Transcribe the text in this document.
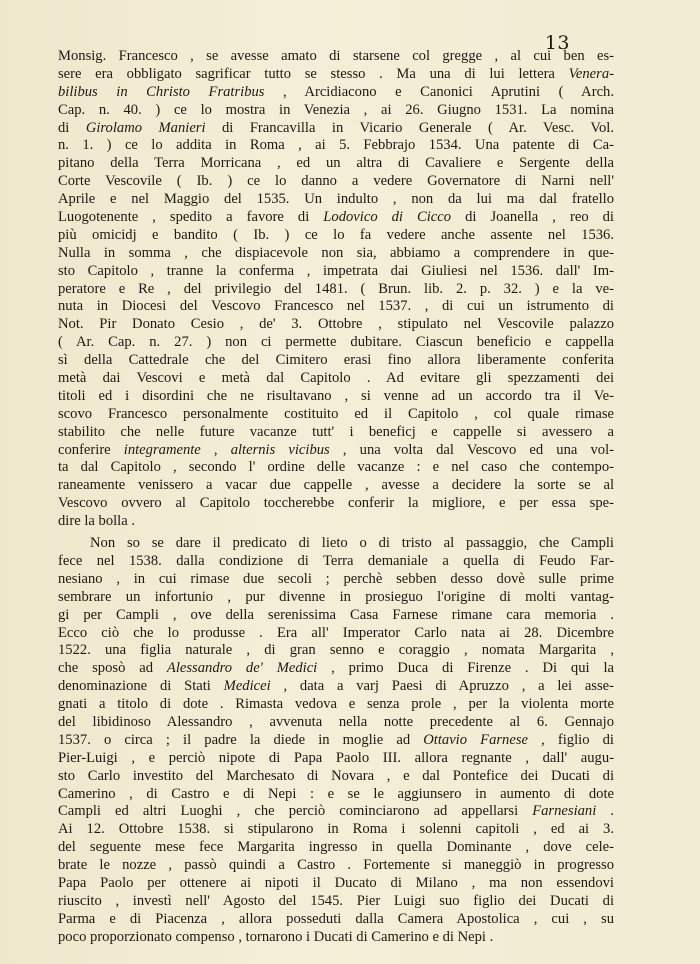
13
Monsig. Francesco , se avesse amato di starsene col gregge , al cui ben es-
sere era obbligato sagrificar tutto se stesso . Ma una di lui lettera Venera-
bilibus in Christo Fratribus , Arcidiacono e Canonici Aprutini ( Arch.
Cap. n. 40. ) ce lo mostra in Venezia , ai 26. Giugno 1531. La nomina
di Girolamo Manieri di Francavilla in Vicario Generale ( Ar. Vesc. Vol.
n. 1. ) ce lo addita in Roma , ai 5. Febbrajo 1534. Una patente di Ca-
pitano della Terra Morricana , ed un altra di Cavaliere e Sergente della
Corte Vescovile ( Ib. ) ce lo danno a vedere Governatore di Narni nell'
Aprile e nel Maggio del 1535. Un indulto , non da lui ma dal fratello
Luogotenente , spedito a favore di Lodovico di Cicco di Joanella , reo di
più omicidj e bandito ( Ib. ) ce lo fa vedere anche assente nel 1536.
Nulla in somma , che dispiacevole non sia, abbiamo a comprendere in que-
sto Capitolo , tranne la conferma , impetrata dai Giuliesi nel 1536. dall' Im-
peratore e Re , del privilegio del 1481. ( Brun. lib. 2. p. 32. ) e la ve-
nuta in Diocesi del Vescovo Francesco nel 1537. , di cui un istrumento di
Not. Pir Donato Cesio , de' 3. Ottobre , stipulato nel Vescovile palazzo
( Ar. Cap. n. 27. ) non ci permette dubitare. Ciascun beneficio e cappella
sì della Cattedrale che del Cimitero erasi fino allora liberamente conferita
metà dai Vescovi e metà dal Capitolo . Ad evitare gli spezzamenti dei
titoli ed i disordini che ne risultavano , si venne ad un accordo tra il Ve-
scovo Francesco personalmente costituito ed il Capitolo , col quale rimase
stabilito che nelle future vacanze tutt' i beneficj e cappelle si avessero a
conferire integramente , alternis vicibus , una volta dal Vescovo ed una vol-
ta dal Capitolo , secondo l' ordine delle vacanze : e nel caso che contempo-
raneamente venissero a vacar due cappelle , avesse a decidere la sorte se al
Vescovo ovvero al Capitolo toccherebbe conferir la migliore, e per essa spe-
dire la bolla .
Non so se dare il predicato di lieto o di tristo al passaggio, che Campli
fece nel 1538. dalla condizione di Terra demaniale a quella di Feudo Far-
nesiano , in cui rimase due secoli ; perchè sebben desso dovè sulle prime
sembrare un infortunio , pur divenne in prosieguo l'origine di molti vantag-
gi per Campli , ove della serenissima Casa Farnese rimane cara memoria .
Ecco ciò che lo produsse . Era all' Imperator Carlo nata ai 28. Dicembre
1522. una figlia naturale , di gran senno e coraggio , nomata Margarita ,
che sposò ad Alessandro de' Medici , primo Duca di Firenze . Di qui la
denominazione di Stati Medicei , data a varj Paesi di Apruzzo , a lei asse-
gnati a titolo di dote . Rimasta vedova e senza prole , per la violenta morte
del libidinoso Alessandro , avvenuta nella notte precedente al 6. Gennajo
1537. o circa ; il padre la diede in moglie ad Ottavio Farnese , figlio di
Pier-Luigi , e perciò nipote di Papa Paolo III. allora regnante , dall' augu-
sto Carlo investito del Marchesato di Novara , e dal Pontefice dei Ducati di
Camerino , di Castro e di Nepi : e se le aggiunsero in aumento di dote
Campli ed altri Luoghi , che perciò cominciarono ad appellarsi Farnesiani .
Ai 12. Ottobre 1538. si stipularono in Roma i solenni capitoli , ed ai 3.
del seguente mese fece Margarita ingresso in quella Dominante , dove cele-
brate le nozze , passò quindi a Castro . Fortemente si maneggiò in progresso
Papa Paolo per ottenere ai nipoti il Ducato di Milano , ma non essendovi
riuscito , investì nell' Agosto del 1545. Pier Luigi suo figlio dei Ducati di
Parma e di Piacenza , allora posseduti dalla Camera Apostolica , cui , su
poco proporzionato compenso , tornarono i Ducati di Camerino e di Nepi .
